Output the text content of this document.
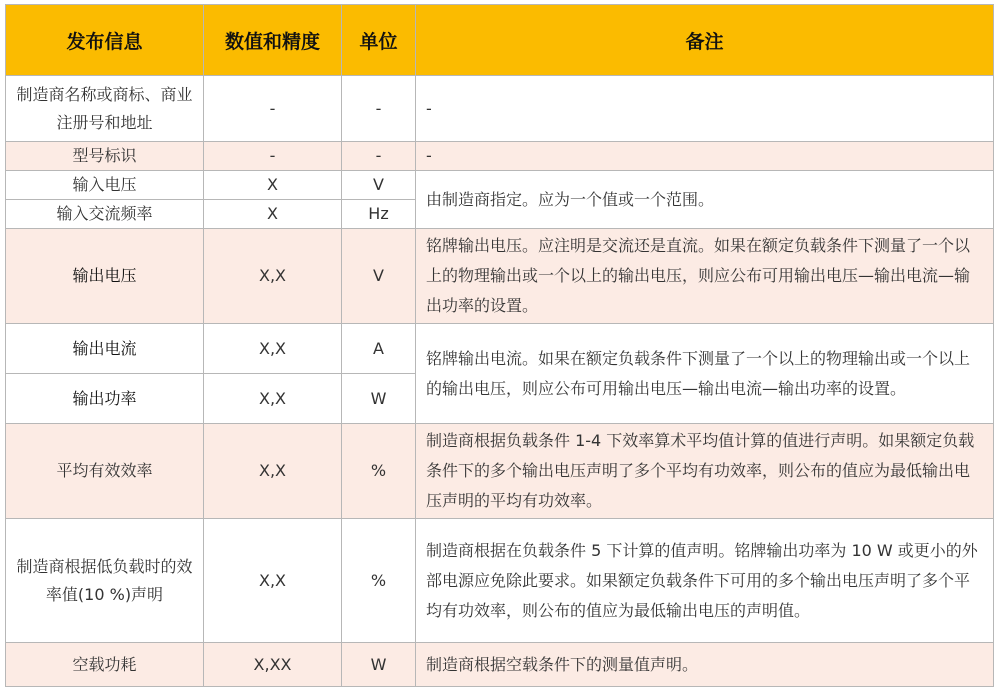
发布信息	数值和精度	单位	备注
制造商名称或商标、商业注册号和地址	-	-	-
型号标识	-	-	-
输入电压	X	V	由制造商指定。应为一个值或一个范围。
输入交流频率	X	Hz	
输出电压	X,X	V	铭牌输出电压。应注明是交流还是直流。如果在额定负载条件下测量了一个以上的物理输出或一个以上的输出电压，则应公布可用输出电压—输出电流—输出功率的设置。
输出电流	X,X	A	铭牌输出电流。如果在额定负载条件下测量了一个以上的物理输出或一个以上的输出电压，则应公布可用输出电压—输出电流—输出功率的设置。
输出功率	X,X	W	
平均有效效率	X,X	%	制造商根据负载条件 1-4 下效率算术平均值计算的值进行声明。如果额定负载条件下的多个输出电压声明了多个平均有功效率，则公布的值应为最低输出电压声明的平均有功效率。
制造商根据低负载时的效率值(10 %)声明	X,X	%	制造商根据在负载条件 5 下计算的值声明。铭牌输出功率为 10 W 或更小的外部电源应免除此要求。如果额定负载条件下可用的多个输出电压声明了多个平均有功效率，则公布的值应为最低输出电压的声明值。
空载功耗	X,XX	W	制造商根据空载条件下的测量值声明。
